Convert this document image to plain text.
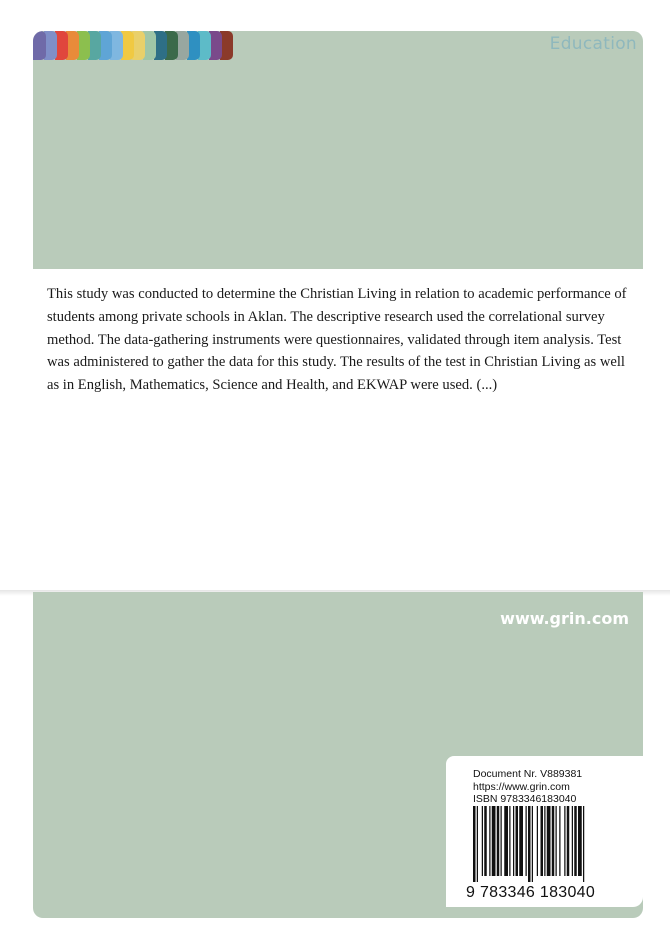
Education

This study was conducted to determine the Christian Living in relation to academic performance of students among private schools in Aklan. The descriptive research used the correlational survey method. The data-gathering instruments were questionnaires, validated through item analysis. Test was administered to gather the data for this study. The results of the test in Christian Living as well as in English, Mathematics, Science and Health, and EKWAP were used. (...)

www.grin.com
Document Nr. V889381
https://www.grin.com
ISBN 9783346183040
9 783346 183040
